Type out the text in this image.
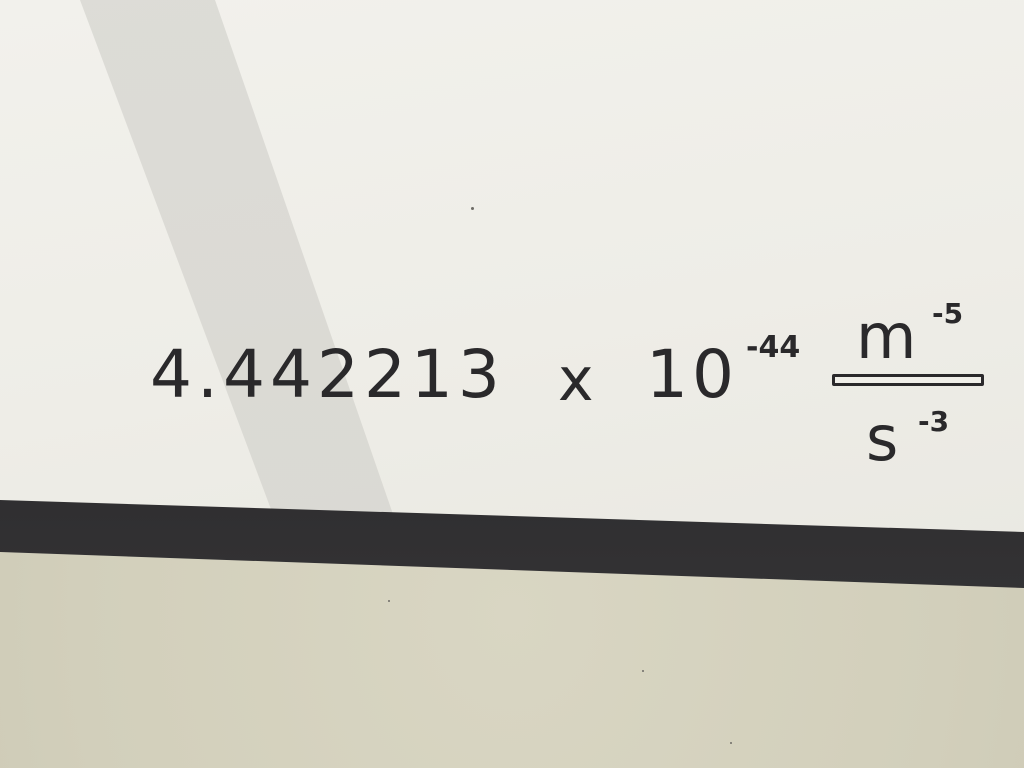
4.442213 x 10 -44 m -5
s -3
